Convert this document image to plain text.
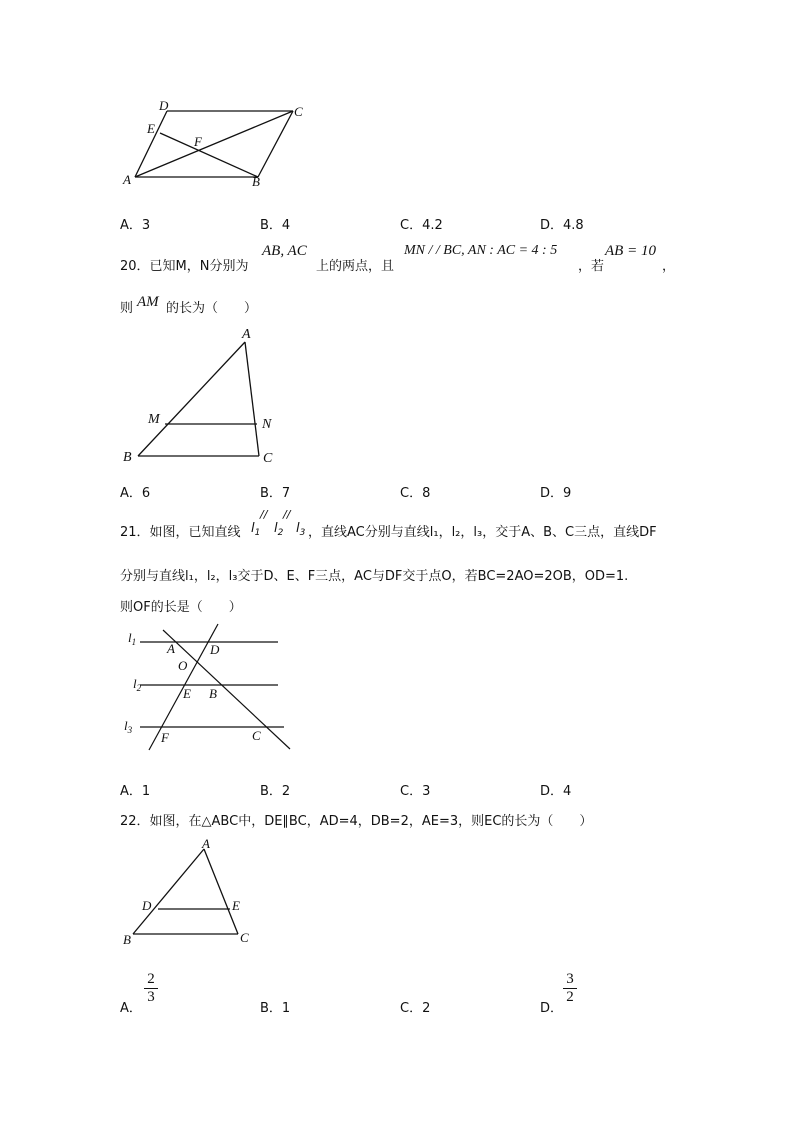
D	C
E
F
A	B
A．3	B．4	C．4.2	D．4.8
20．已知M，N分别为
AB, AC
上的两点，且
MN / / BC, AN : AC = 4 : 5
，若
AB = 10
，
则 AM 的长为（　　）
A
M	N
B	C
A．6	B．7	C．8	D．9
21．如图，已知直线 $l_1$
//
$l_2$
//
$l_3$ ，直线AC分别与直线l₁，l₂，l₃，交于A、B、C三点，直线DF
分别与直线l₁，l₂，l₃交于D、E、F三点，AC与DF交于点O，若BC=2AO=2OB，OD=1.
则OF的长是（　　）
$l_1$
$l_2$
$l_3$
A	D
O
E B
F	C
A．1	B．2	C．3	D．4
22．如图，在△ABC中，DE∥BC，AD=4，DB=2，AE=3，则EC的长为（　　）
A
D	E
B	C
A．
2
3
B．1	C．2	D．
3
2
